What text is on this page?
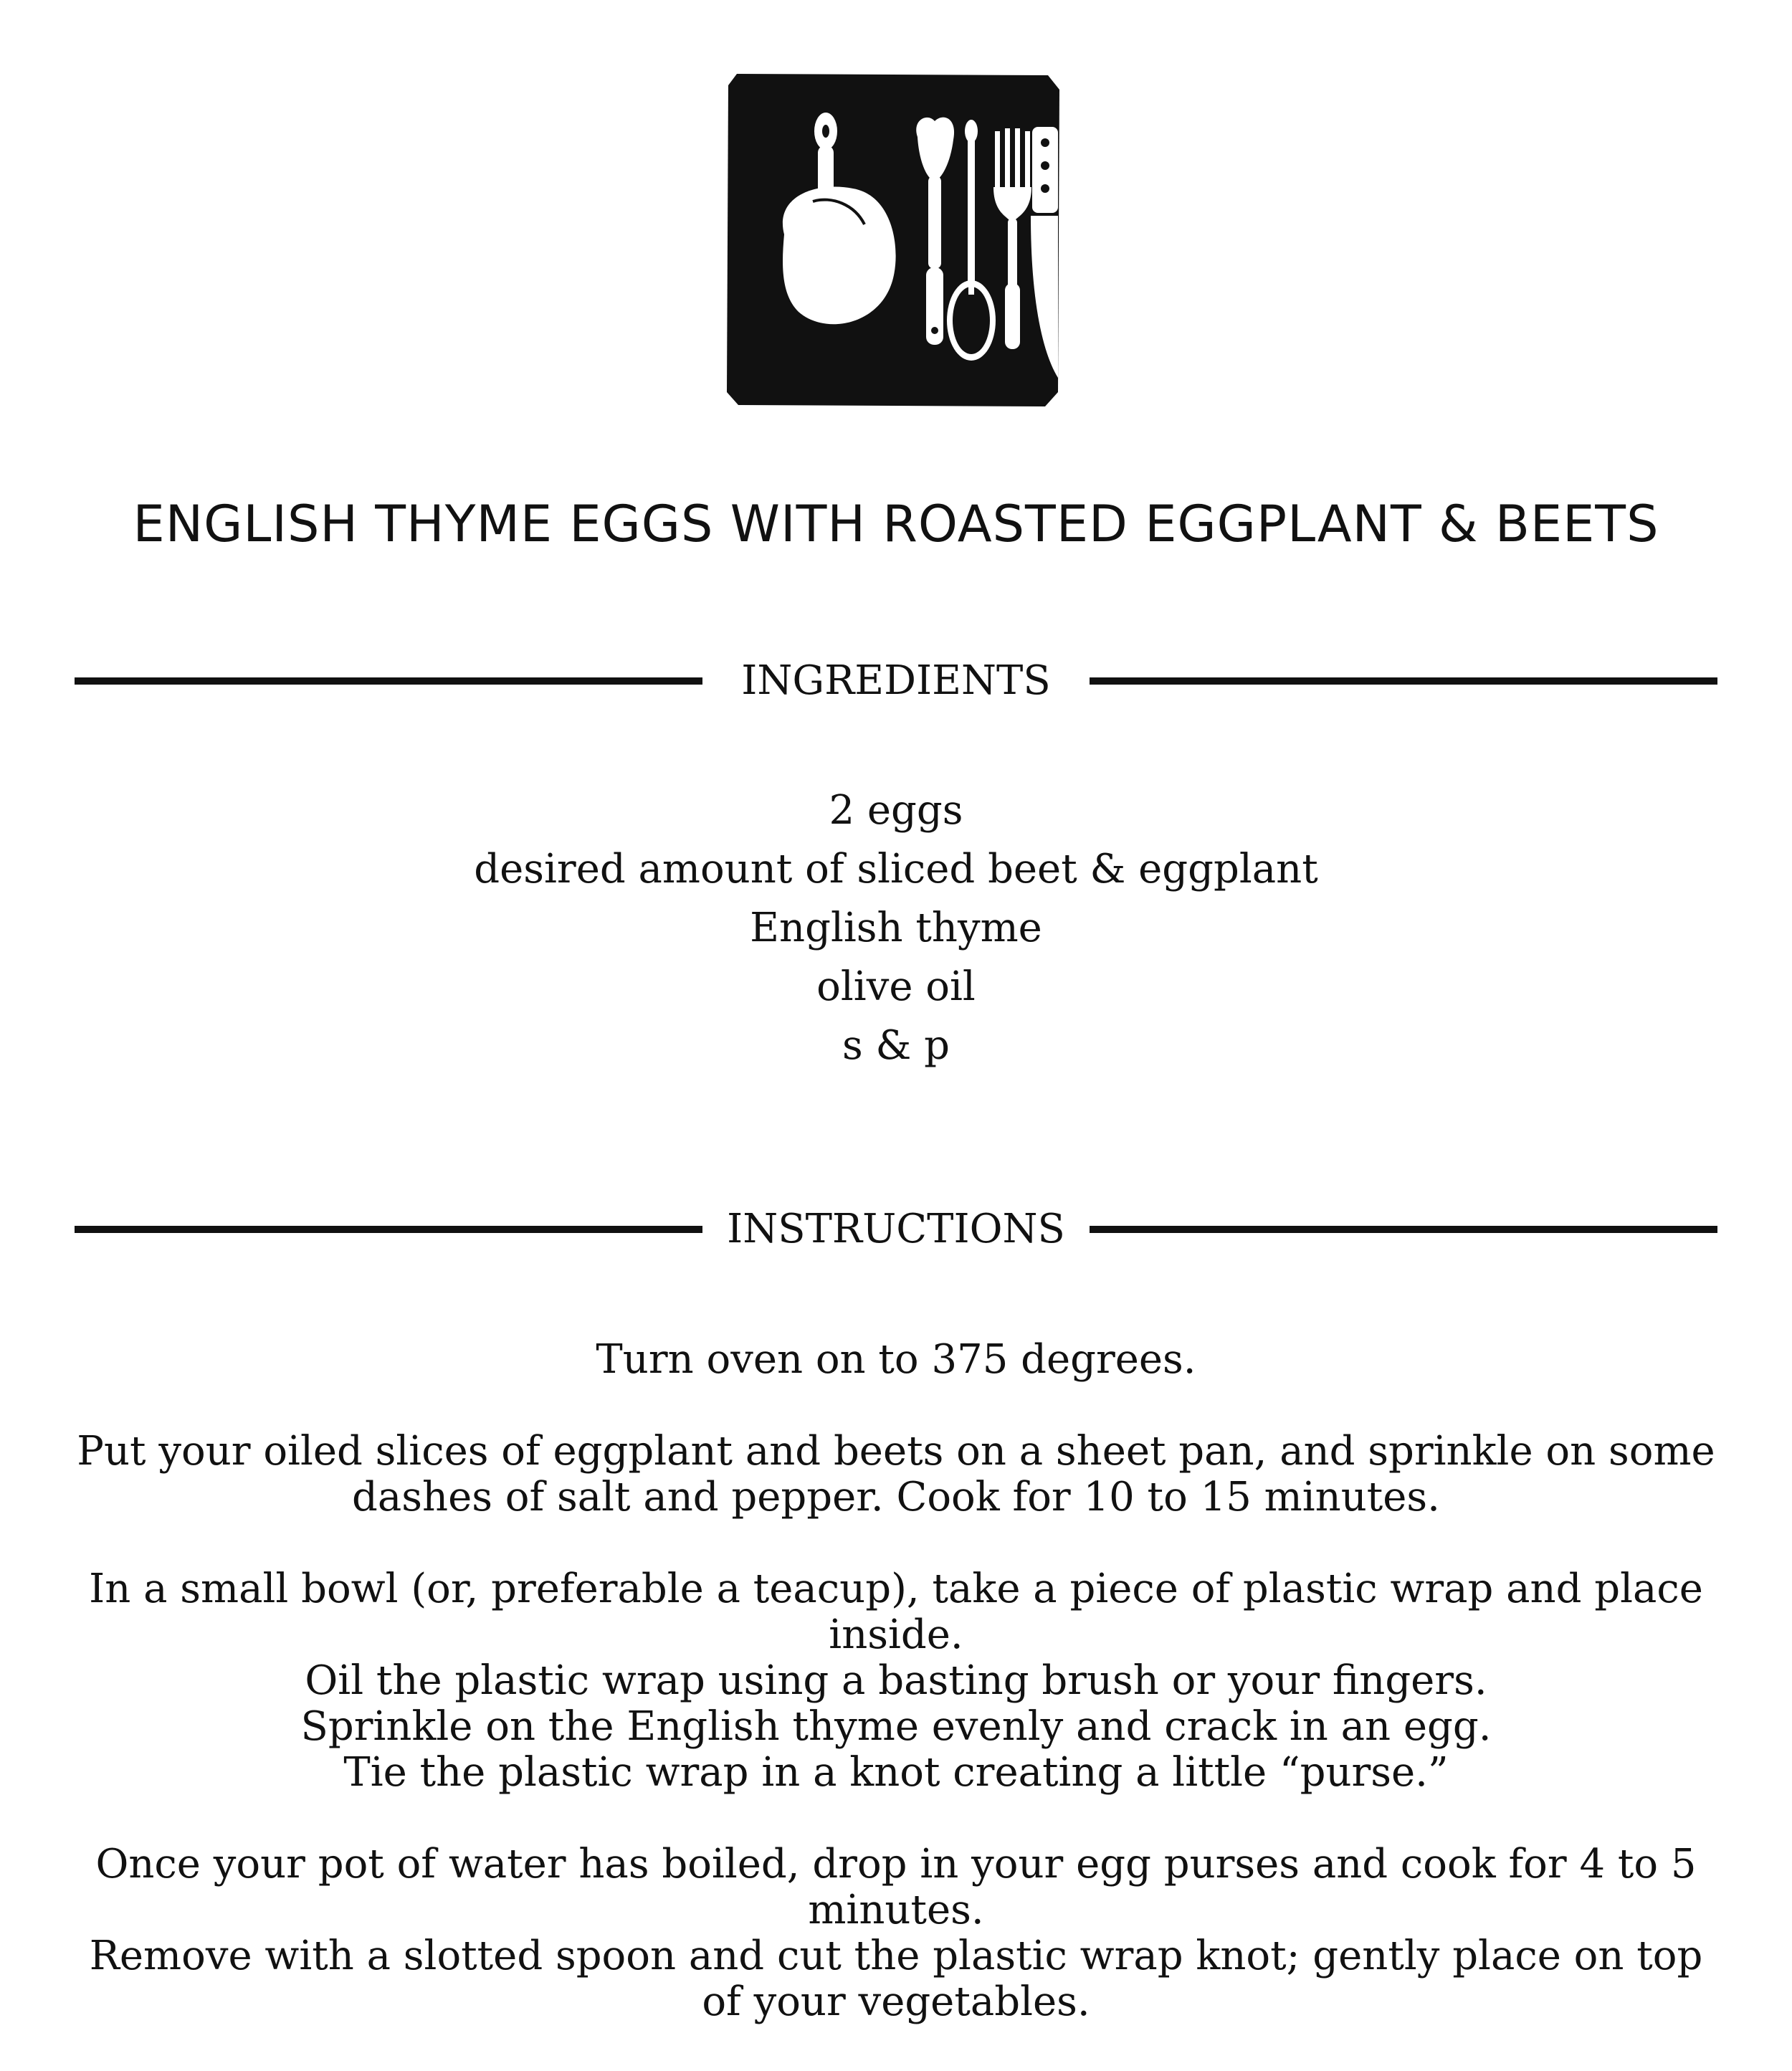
ENGLISH THYME EGGS WITH ROASTED EGGPLANT & BEETS
INGREDIENTS
2 eggs
desired amount of sliced beet & eggplant
English thyme
olive oil
s & p
INSTRUCTIONS

Turn oven on to 375 degrees.

Put your oiled slices of eggplant and beets on a sheet pan, and sprinkle on some dashes of salt and pepper. Cook for 10 to 15 minutes.

In a small bowl (or, preferable a teacup), take a piece of plastic wrap and place inside.
Oil the plastic wrap using a basting brush or your fingers.
Sprinkle on the English thyme evenly and crack in an egg.
Tie the plastic wrap in a knot creating a little “purse.”

Once your pot of water has boiled, drop in your egg purses and cook for 4 to 5 minutes.
Remove with a slotted spoon and cut the plastic wrap knot; gently place on top of your vegetables.
